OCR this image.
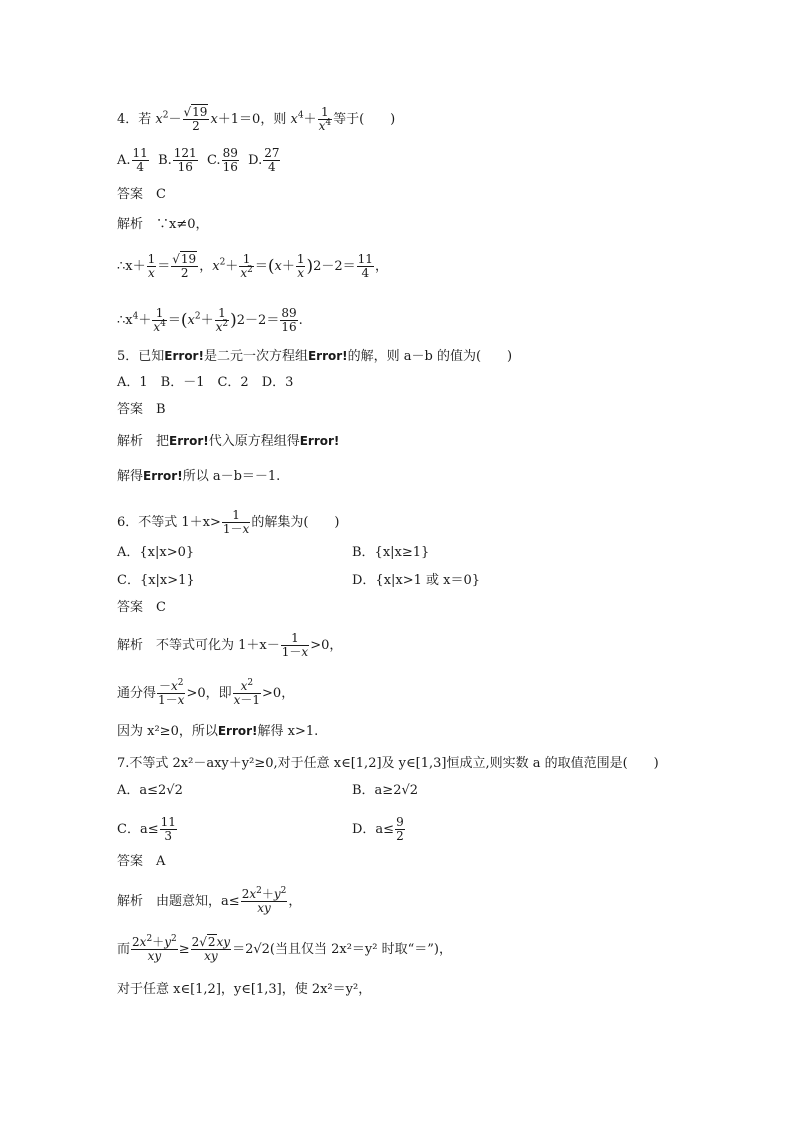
4．若 $x^2- \frac{√19}{2} x+1=0$，则 $x^4+ \frac{1}{x^4}$ 等于(　　)
A. $\frac{11}{4} B$. $\frac{121}{16} C$. $\frac{89}{16} D$. $\frac{27}{4}$
答案　C
解析　 ∵x≠0，
∴x＋ $\frac{1}{x} = \frac{√19}{2}$ ，$x^2+ \frac{1}{x^2} =(x+ \frac{1}{x} )2-2= \frac{11}{4}$ ，
$\therefore x^4+ \frac{1}{x^4} =(x^2+ \frac{1}{x^2} )2-2= \frac{89}{16}$ .
5．已知Error!是二元一次方程组Error!的解，则 a－b 的值为(　　)
A．1　B．－1　C．2　D．3
答案　B
解析　 把Error!代入原方程组得Error!
解得Error!所以 a－b＝－1.
6．不等式 $1+x> \frac{1}{1-x}$ 的解集为(　　)
A．{x|x>0}	B．{x|x≥1}
C．{x|x>1}	D．{x|x>1 或 x＝0}
答案　C
解析　 不等式可化为 $1+x- \frac{1}{1-x} >0$，
通分得 $\frac{-x^2}{1-x} >0$，即 $\frac{x^2}{x-1} >0$，
因为 x²≥0，所以Error!解得 x>1.
7.不等式 2x²－axy＋y²≥0,对于任意 x∈[1,2]及 y∈[1,3]恒成立,则实数 a 的取值范围是(　　)
A．a≤2√2	B．a≥2√2
C．$a\le \frac{11}{3}$	D．$a\le \frac{9}{2}$
答案　A
解析　 由题意知，$a\le \frac{2x^2+y^2}{xy}$ ，
而 $\frac{2x^2+y^2}{xy} \ge \frac{2√2xy}{xy} =2√2$(当且仅当 2x²＝y² 时取“＝”)，
对于任意 x∈[1,2]，y∈[1,3]，使 2x²＝y²，
